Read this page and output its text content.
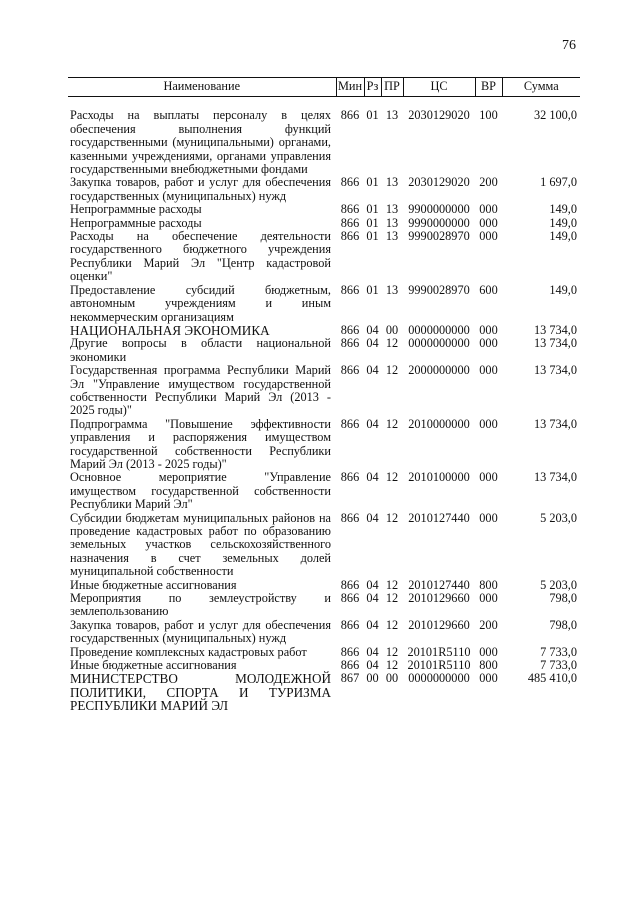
76
Наименование	Мин	Рз	ПР	ЦС	ВР	Сумма
Расходы на выплаты персоналу в целях обеспечения выполнения функций государственными (муниципальными) органами, казенными учреждениями, органами управления государственными внебюджетными фондами	866	01	13	2030129020	100	32 100,0
Закупка товаров, работ и услуг для обеспечения государственных (муниципальных) нужд	866	01	13	2030129020	200	1 697,0
Непрограммные расходы	866	01	13	9900000000	000	149,0
Непрограммные расходы	866	01	13	9990000000	000	149,0
Расходы на обеспечение деятельности государственного бюджетного учреждения Республики Марий Эл "Центр кадастровой оценки"	866	01	13	9990028970	000	149,0
Предоставление субсидий бюджетным, автономным учреждениям и иным некоммерческим организациям	866	01	13	9990028970	600	149,0
НАЦИОНАЛЬНАЯ ЭКОНОМИКА	866	04	00	0000000000	000	13 734,0
Другие вопросы в области национальной экономики	866	04	12	0000000000	000	13 734,0
Государственная программа Республики Марий Эл "Управление имуществом государственной собственности Республики Марий Эл (2013 - 2025 годы)"	866	04	12	2000000000	000	13 734,0
Подпрограмма "Повышение эффективности управления и распоряжения имуществом государственной собственности Республики Марий Эл (2013 - 2025 годы)"	866	04	12	2010000000	000	13 734,0
Основное мероприятие "Управление имуществом государственной собственности Республики Марий Эл"	866	04	12	2010100000	000	13 734,0
Субсидии бюджетам муниципальных районов на проведение кадастровых работ по образованию земельных участков сельскохозяйственного назначения в счет земельных долей муниципальной собственности	866	04	12	2010127440	000	5 203,0
Иные бюджетные ассигнования	866	04	12	2010127440	800	5 203,0
Мероприятия по землеустройству и землепользованию	866	04	12	2010129660	000	798,0
Закупка товаров, работ и услуг для обеспечения государственных (муниципальных) нужд	866	04	12	2010129660	200	798,0
Проведение комплексных кадастровых работ	866	04	12	20101R5110	000	7 733,0
Иные бюджетные ассигнования	866	04	12	20101R5110	800	7 733,0
МИНИСТЕРСТВО МОЛОДЕЖНОЙ ПОЛИТИКИ, СПОРТА И ТУРИЗМА РЕСПУБЛИКИ МАРИЙ ЭЛ	867	00	00	0000000000	000	485 410,0
